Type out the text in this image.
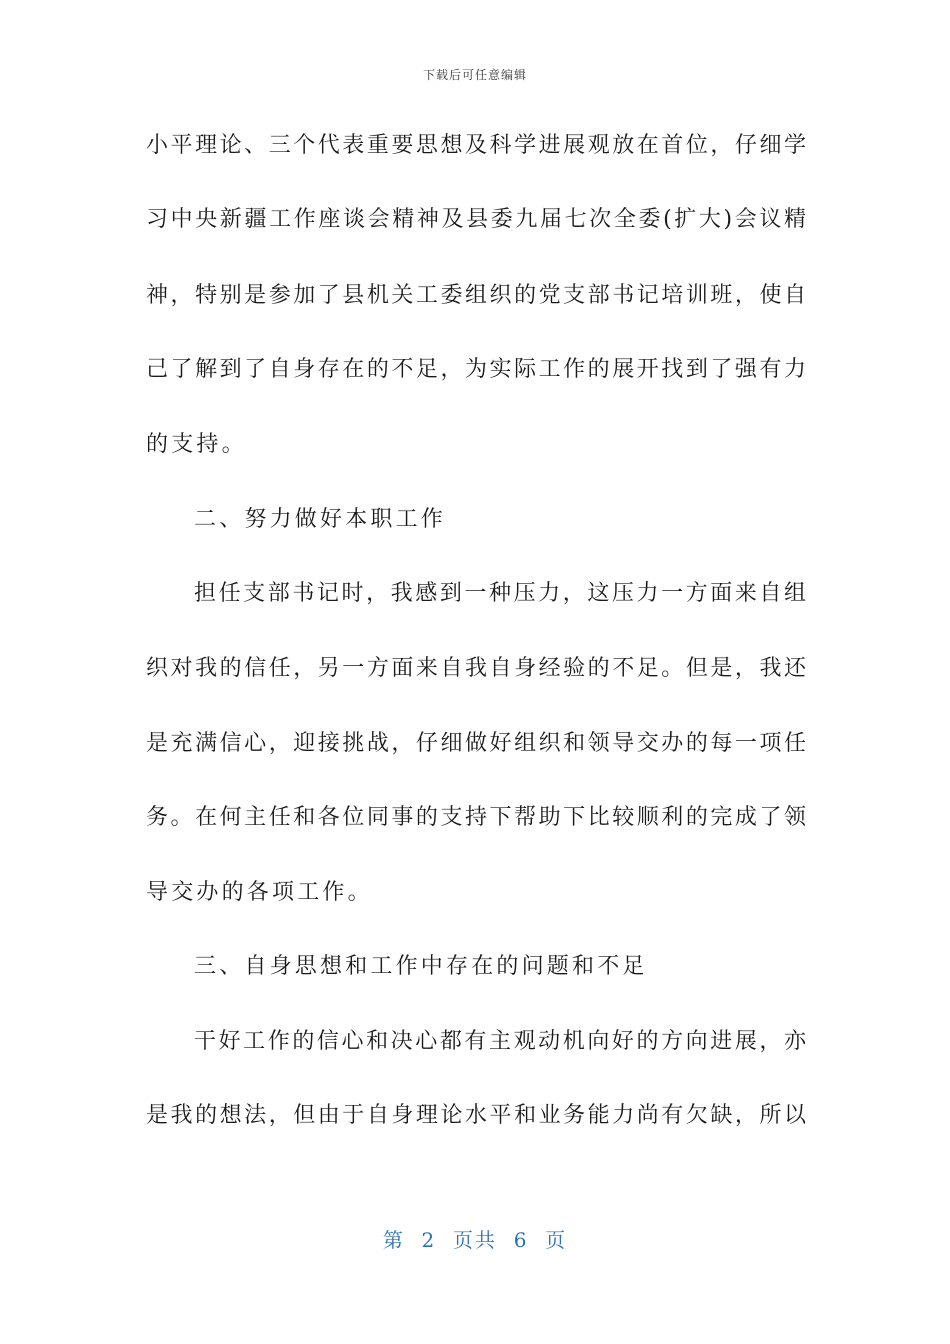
下载后可任意编辑
小平理论、三个代表重要思想及科学进展观放在首位，仔细学
习中央新疆工作座谈会精神及县委九届七次全委(扩大)会议精
神，特别是参加了县机关工委组织的党支部书记培训班，使自
己了解到了自身存在的不足，为实际工作的展开找到了强有力
的支持。
二、努力做好本职工作
担任支部书记时，我感到一种压力，这压力一方面来自组
织对我的信任，另一方面来自我自身经验的不足。但是，我还
是充满信心，迎接挑战，仔细做好组织和领导交办的每一项任
务。在何主任和各位同事的支持下帮助下比较顺利的完成了领
导交办的各项工作。
三、自身思想和工作中存在的问题和不足
干好工作的信心和决心都有主观动机向好的方向进展，亦
是我的想法，但由于自身理论水平和业务能力尚有欠缺，所以
第  2  页共  6  页
